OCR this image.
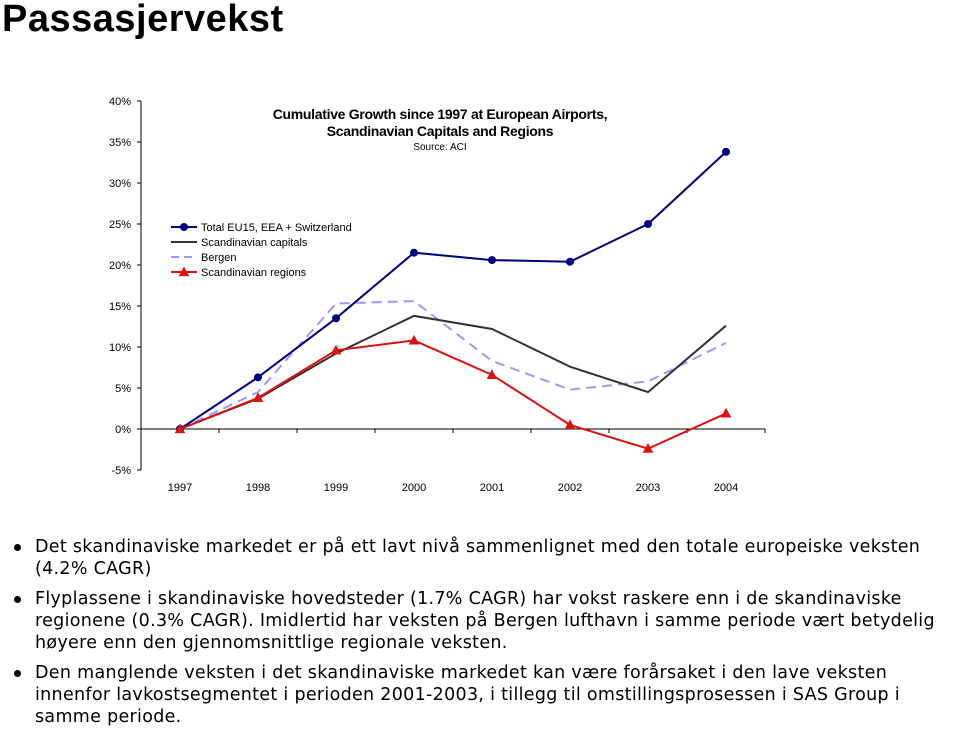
Passasjervekst
40%
35%
30%
25%
20%
15%
10%
5%
0%
-5%
1997	1998	1999	2000	2001	2002	2003	2004
Cumulative Growth since 1997 at European Airports,
Scandinavian Capitals and Regions
Source: ACI
Total EU15, EEA + Switzerland
Scandinavian capitals
Bergen
Scandinavian regions
Det skandinaviske markedet er på ett lavt nivå sammenlignet med den totale europeiske veksten
(4.2% CAGR)
Flyplassene i skandinaviske hovedsteder (1.7% CAGR) har vokst raskere enn i de skandinaviske
regionene (0.3% CAGR). Imidlertid har veksten på Bergen lufthavn i samme periode vært betydelig
høyere enn den gjennomsnittlige regionale veksten.
Den manglende veksten i det skandinaviske markedet kan være forårsaket i den lave veksten
innenfor lavkostsegmentet i perioden 2001-2003, i tillegg til omstillingsprosessen i SAS Group i
samme periode.
